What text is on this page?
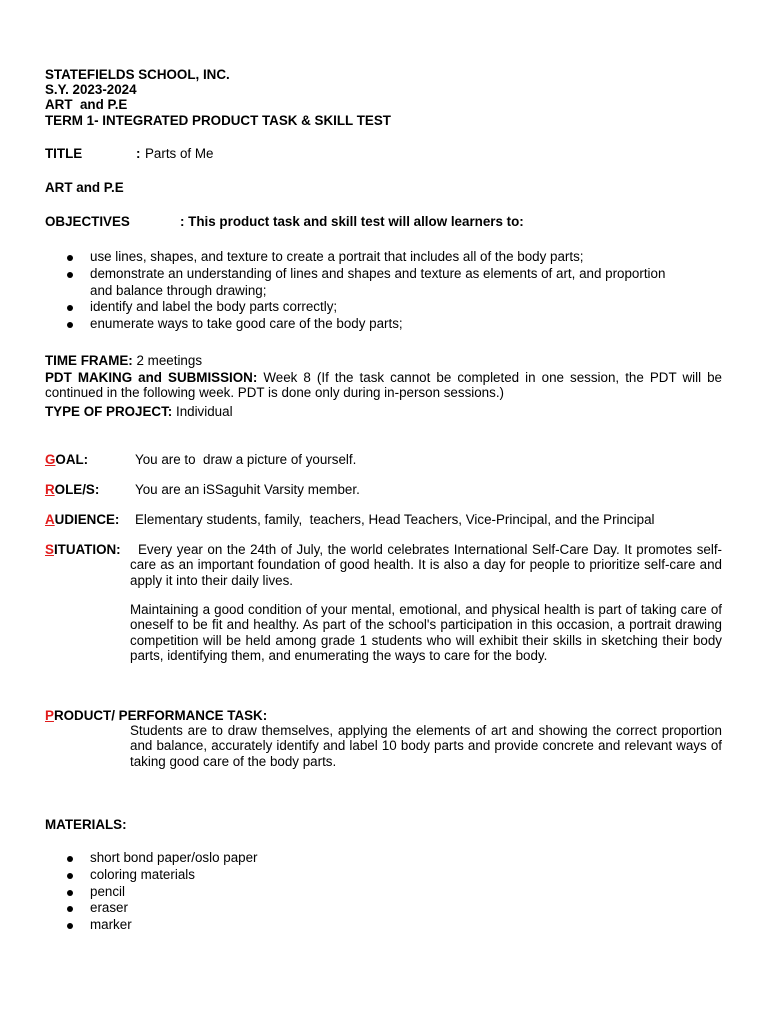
STATEFIELDS SCHOOL, INC.
S.Y. 2023-2024
ART  and P.E
TERM 1- INTEGRATED PRODUCT TASK & SKILL TEST
TITLE	: Parts of Me
ART and P.E
OBJECTIVES	: This product task and skill test will allow learners to:
use lines, shapes, and texture to create a portrait that includes all of the body parts;
demonstrate an understanding of lines and shapes and texture as elements of art, and proportion and balance through drawing;
identify and label the body parts correctly;
enumerate ways to take good care of the body parts;
TIME FRAME: 2 meetings
PDT MAKING and SUBMISSION: Week 8 (If the task cannot be completed in one session, the PDT will be continued in the following week. PDT is done only during in-person sessions.)
TYPE OF PROJECT: Individual
GOAL:	You are to  draw a picture of yourself.
ROLE/S:	You are an iSSaguhit Varsity member.
AUDIENCE: Elementary students, family,  teachers, Head Teachers, Vice-Principal, and the Principal
SITUATION:	Every year on the 24th of July, the world celebrates International Self-Care Day. It promotes self-care as an important foundation of good health. It is also a day for people to prioritize self-care and apply it into their daily lives.
Maintaining a good condition of your mental, emotional, and physical health is part of taking care of oneself to be fit and healthy. As part of the school's participation in this occasion, a portrait drawing competition will be held among grade 1 students who will exhibit their skills in sketching their body parts, identifying them, and enumerating the ways to care for the body.
PRODUCT/ PERFORMANCE TASK:
Students are to draw themselves, applying the elements of art and showing the correct proportion and balance, accurately identify and label 10 body parts and provide concrete and relevant ways of taking good care of the body parts.
MATERIALS:
short bond paper/oslo paper
coloring materials
pencil
eraser
marker
